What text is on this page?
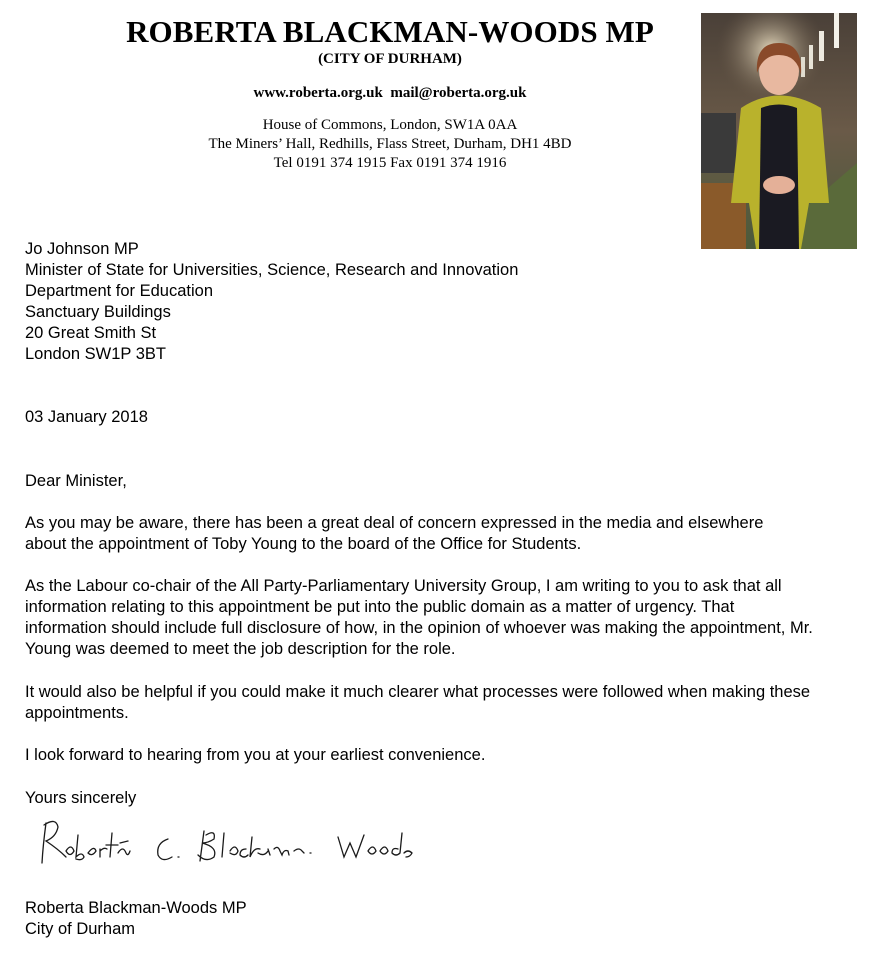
ROBERTA BLACKMAN-WOODS MP
(CITY OF DURHAM)
www.roberta.org.uk  mail@roberta.org.uk
House of Commons, London, SW1A 0AA
The Miners’ Hall, Redhills, Flass Street, Durham, DH1 4BD
Tel 0191 374 1915 Fax 0191 374 1916
Jo Johnson MP
Minister of State for Universities, Science, Research and Innovation
Department for Education
Sanctuary Buildings
20 Great Smith St
London SW1P 3BT
03 January 2018
Dear Minister,
As you may be aware, there has been a great deal of concern expressed in the media and elsewhere about the appointment of Toby Young to the board of the Office for Students.
As the Labour co-chair of the All Party-Parliamentary University Group, I am writing to you to ask that all information relating to this appointment be put into the public domain as a matter of urgency. That information should include full disclosure of how, in the opinion of whoever was making the appointment, Mr. Young was deemed to meet the job description for the role.
It would also be helpful if you could make it much clearer what processes were followed when making these appointments.
I look forward to hearing from you at your earliest convenience.
Yours sincerely
Roberta Blackman-Woods MP
City of Durham
